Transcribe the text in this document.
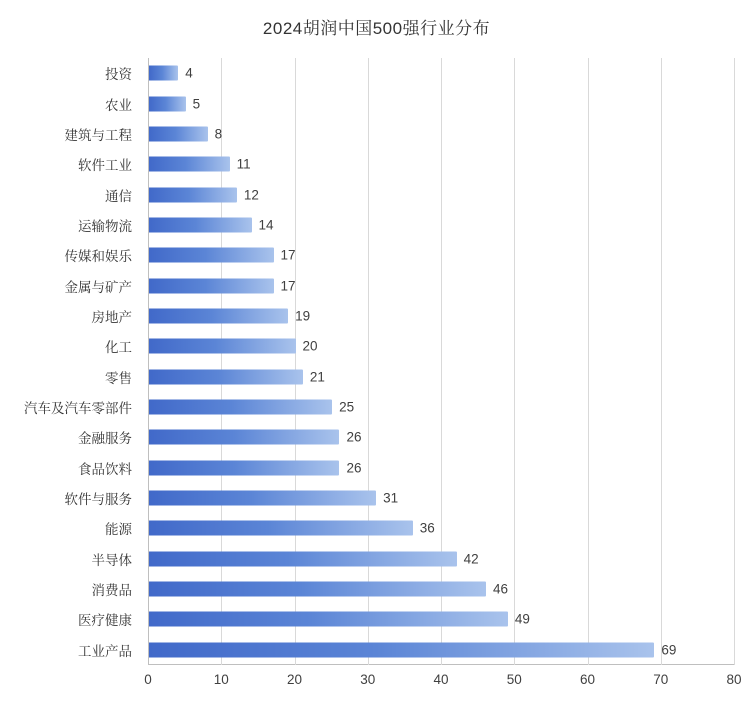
2024胡润中国500强行业分布
投资
农业
建筑与工程
软件工业
通信
运输物流
传媒和娱乐
金属与矿产
房地产
化工
零售
汽车及汽车零部件
金融服务
食品饮料
软件与服务
能源
半导体
消费品
医疗健康
工业产品
4
5
8
11
12
14
17
17
19
20
21
25
26
26
31
36
42
46
49
69
0	10	20	30	40	50	60	70	80
